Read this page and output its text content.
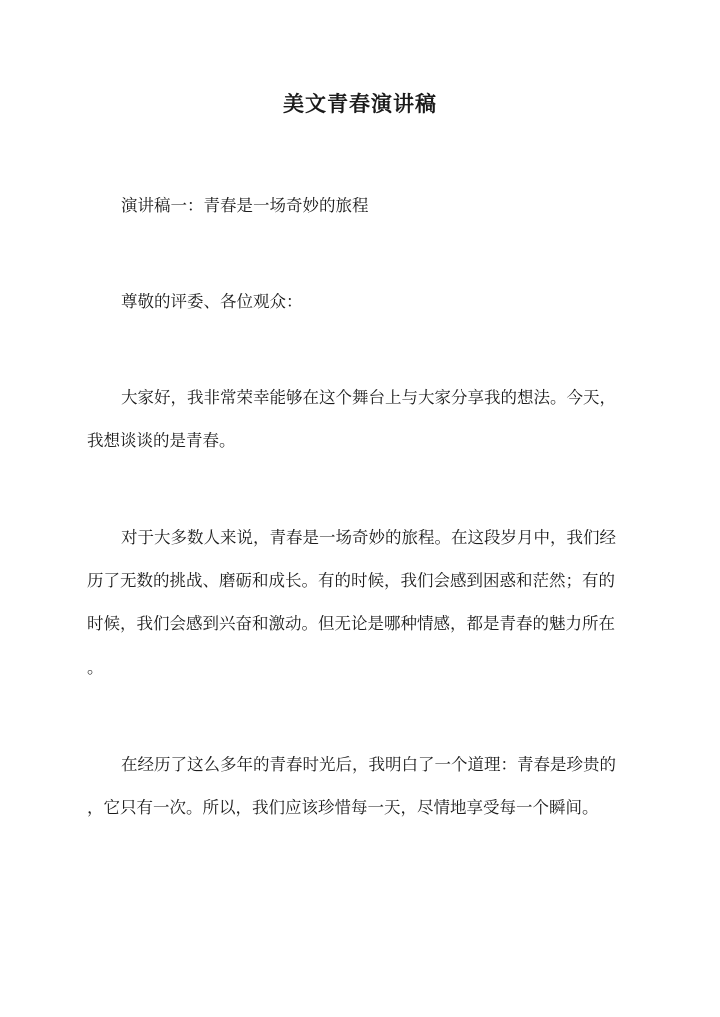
美文青春演讲稿

演讲稿一：青春是一场奇妙的旅程

尊敬的评委、各位观众：

大家好，我非常荣幸能够在这个舞台上与大家分享我的想法。今天，

我想谈谈的是青春。

对于大多数人来说，青春是一场奇妙的旅程。在这段岁月中，我们经

历了无数的挑战、磨砺和成长。有的时候，我们会感到困惑和茫然；有的

时候，我们会感到兴奋和激动。但无论是哪种情感，都是青春的魅力所在

。

在经历了这么多年的青春时光后，我明白了一个道理：青春是珍贵的

，它只有一次。所以，我们应该珍惜每一天，尽情地享受每一个瞬间。
